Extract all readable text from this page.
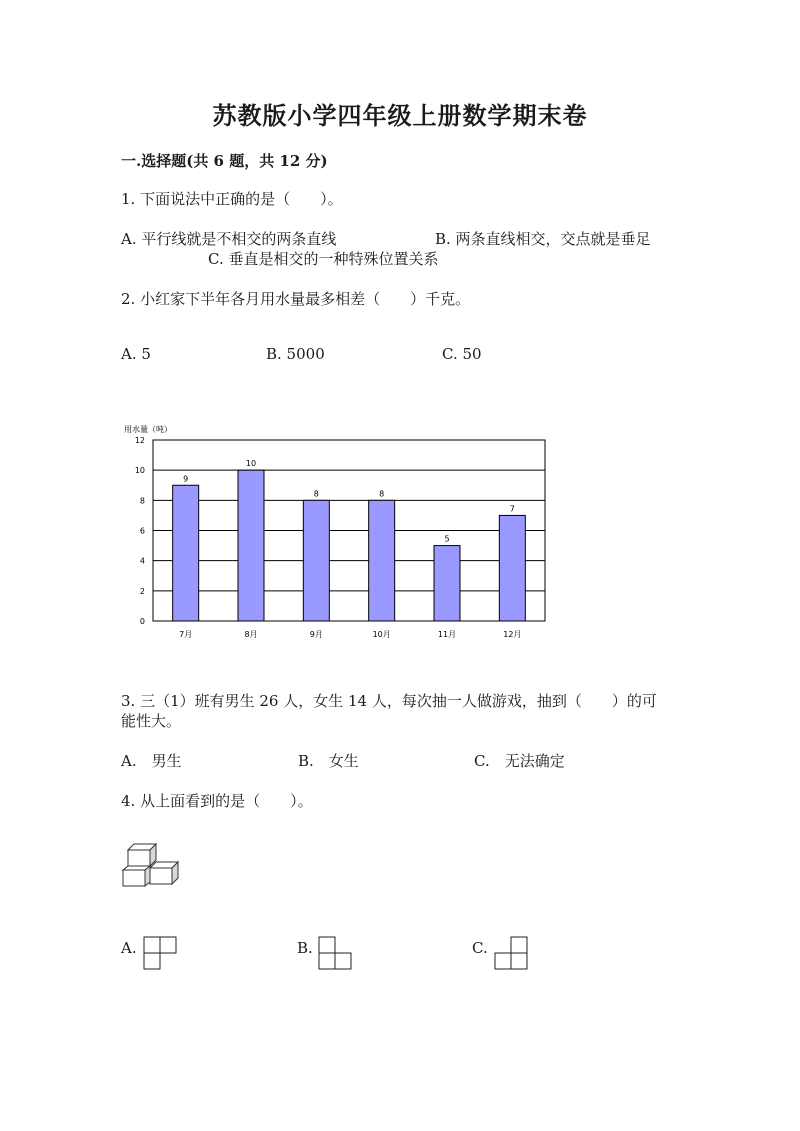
苏教版小学四年级上册数学期末卷
一.选择题(共 6 题，共 12 分)
1. 下面说法中正确的是（　　）。
A. 平行线就是不相交的两条直线	B. 两条直线相交，交点就是垂足
C. 垂直是相交的一种特殊位置关系
2. 小红家下半年各月用水量最多相差（　　）千克。
A. 5	B. 5000	C. 50
用水量（吨）
9
10
8	8
5
7
0
2
4
6
8
10
12
7月	8月	9月	10月	11月	12月
3. 三（1）班有男生 26 人，女生 14 人，每次抽一人做游戏，抽到（　　）的可
能性大。
A.　男生	B.　女生	C.　无法确定
4. 从上面看到的是（　　）。
A.	B.	C.
